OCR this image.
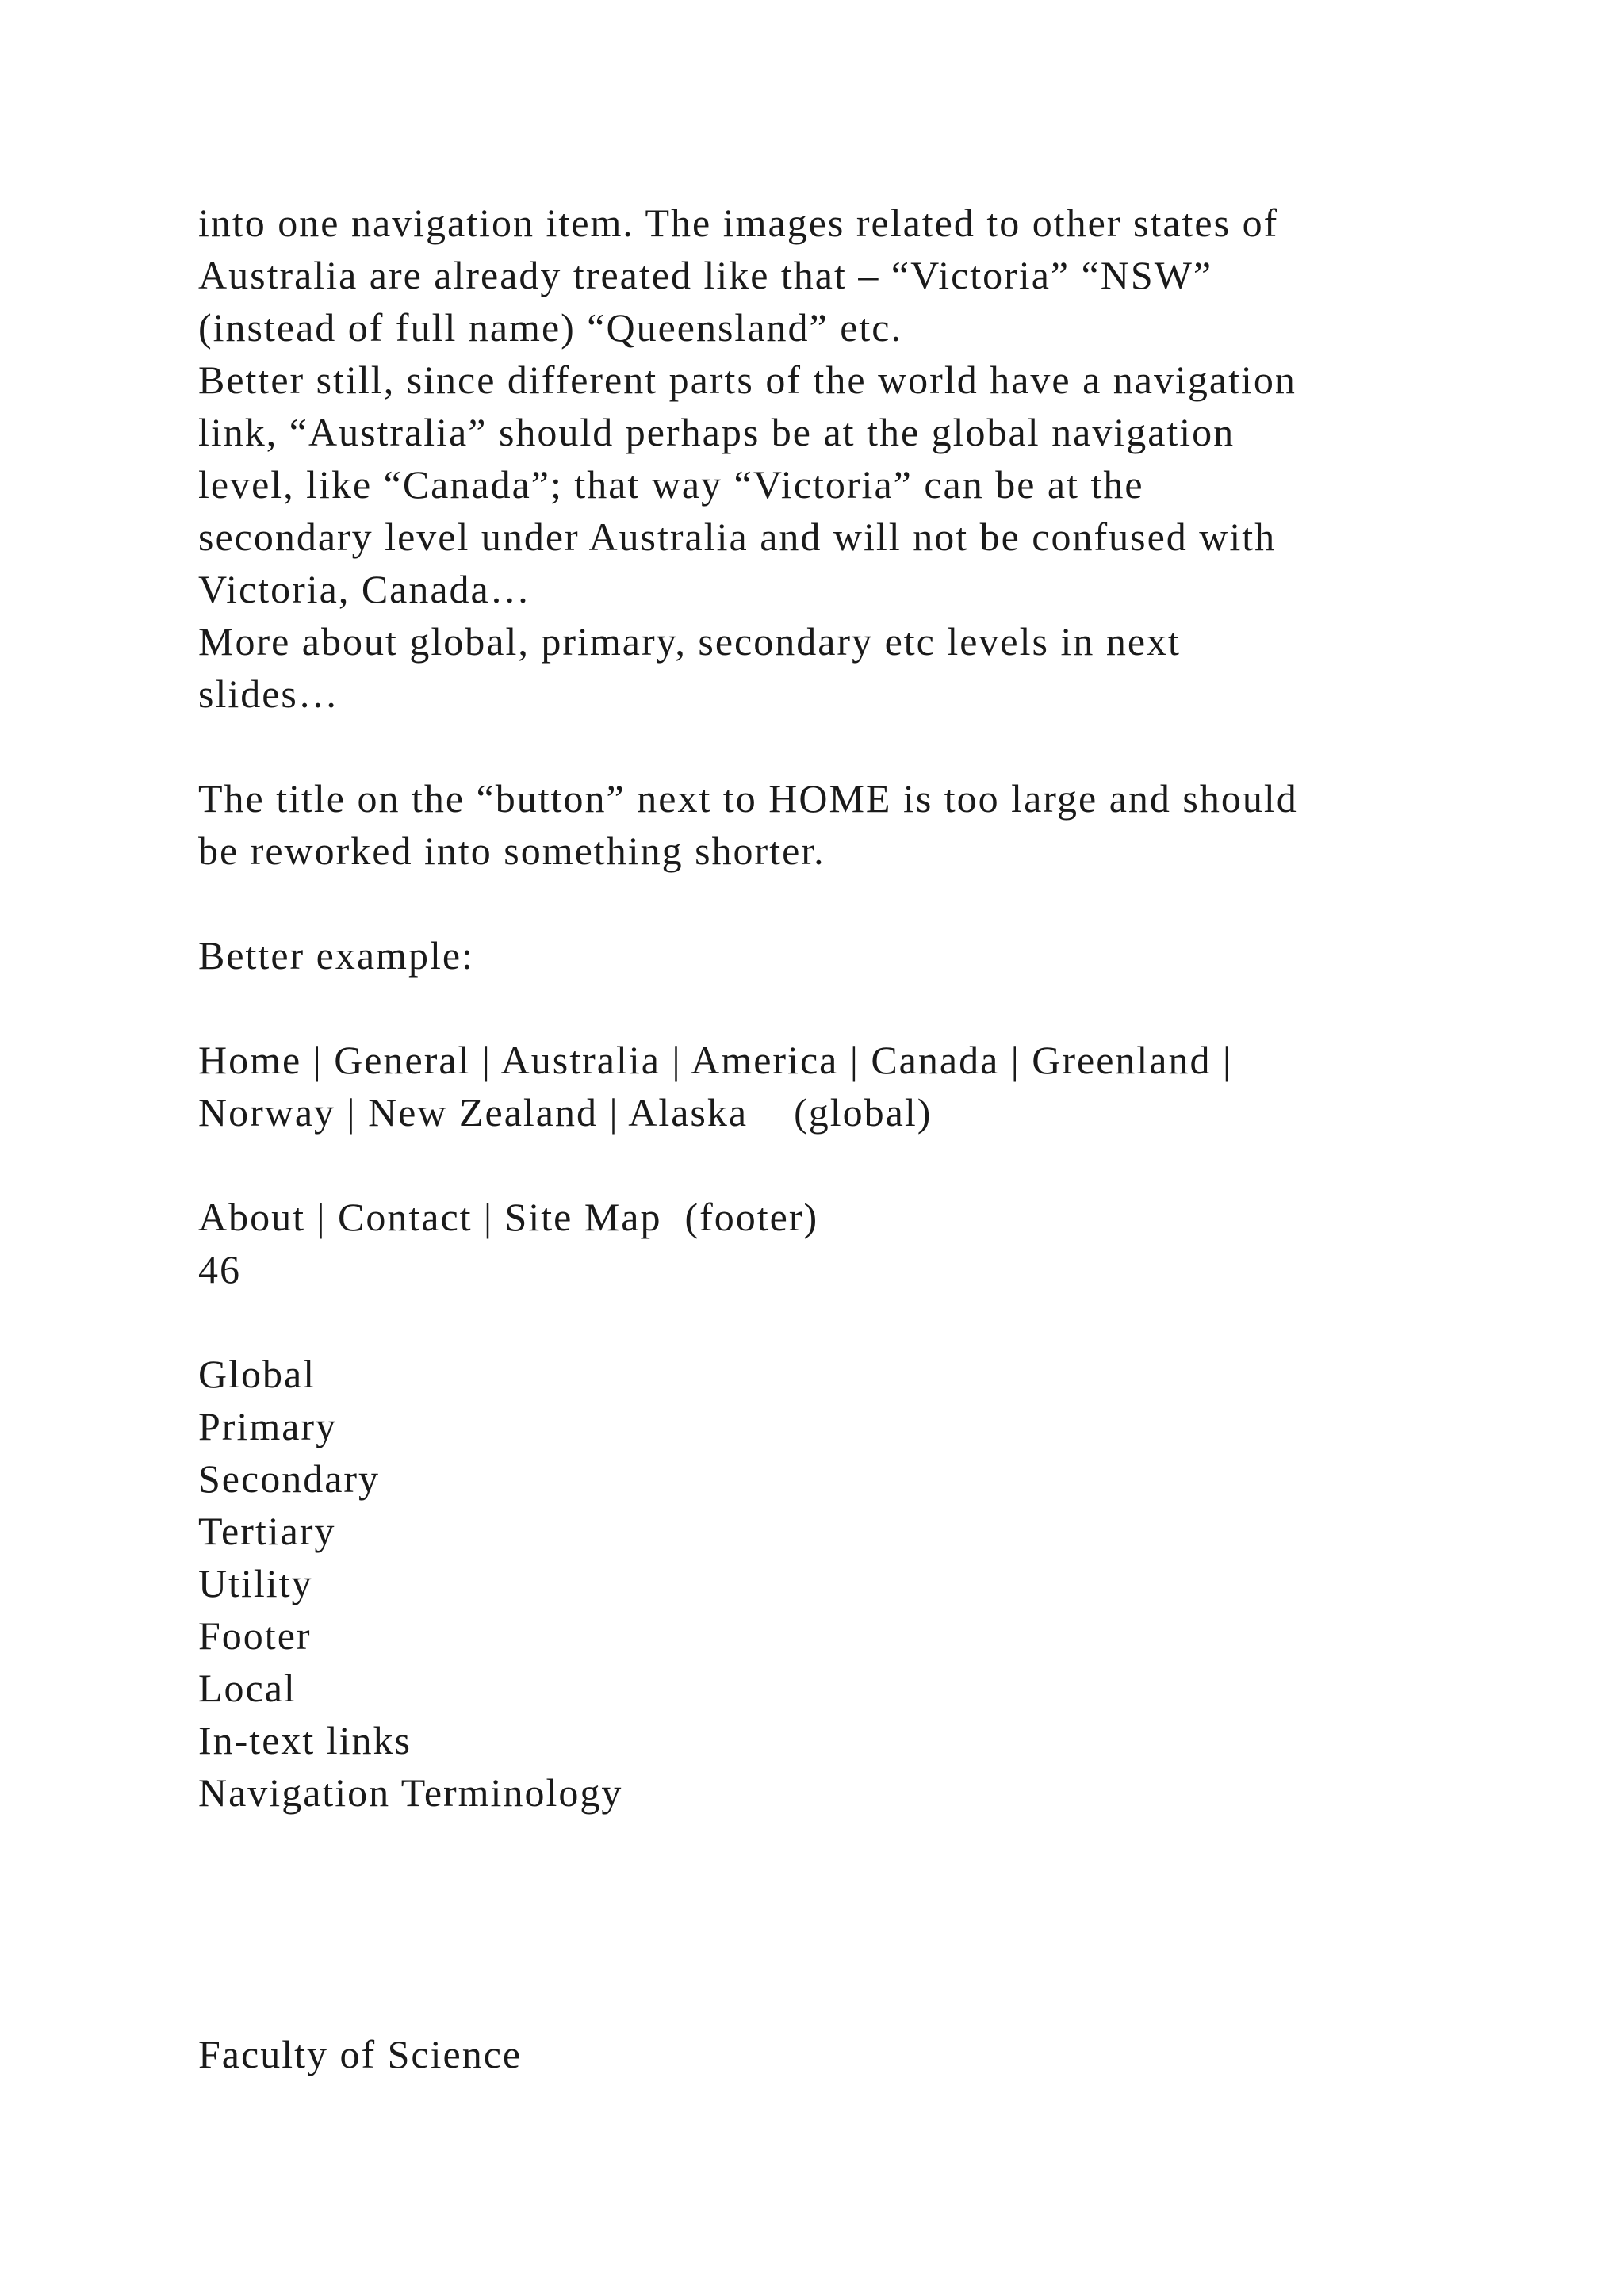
into one navigation item. The images related to other states of
Australia are already treated like that – “Victoria” “NSW”
(instead of full name) “Queensland” etc.
Better still, since different parts of the world have a navigation
link, “Australia” should perhaps be at the global navigation
level, like “Canada”; that way “Victoria” can be at the
secondary level under Australia and will not be confused with
Victoria, Canada…
More about global, primary, secondary etc levels in next
slides…
The title on the “button” next to HOME is too large and should
be reworked into something shorter.
Better example:
Home | General | Australia | America | Canada | Greenland |
Norway | New Zealand | Alaska    (global)
About | Contact | Site Map  (footer)
46
Global
Primary
Secondary
Tertiary
Utility
Footer
Local
In-text links
Navigation Terminology
Faculty of Science
